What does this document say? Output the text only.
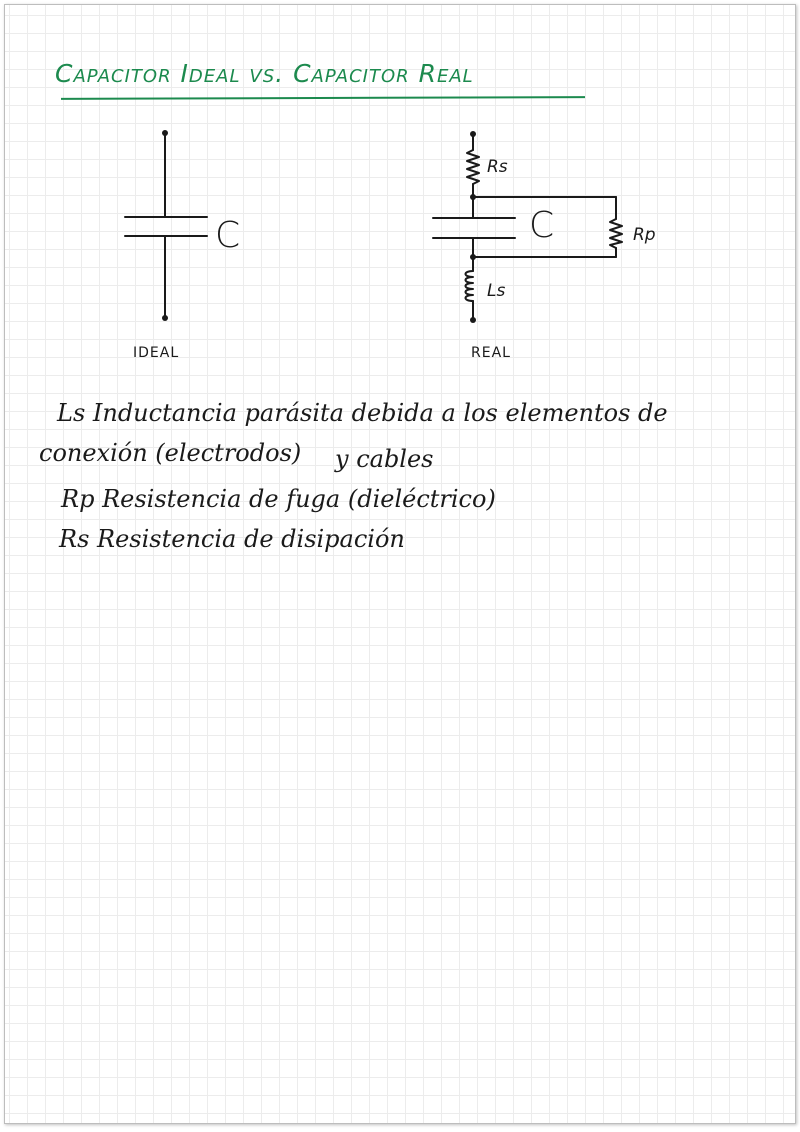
Capacitor Ideal vs. Capacitor Real
C
IDEAL
C
Rs
Rp
Ls
REAL
Ls Inductancia parásita debida a los elementos de
conexión (electrodos) y cables
Rp Resistencia de fuga (dieléctrico)
Rs Resistencia de disipación
